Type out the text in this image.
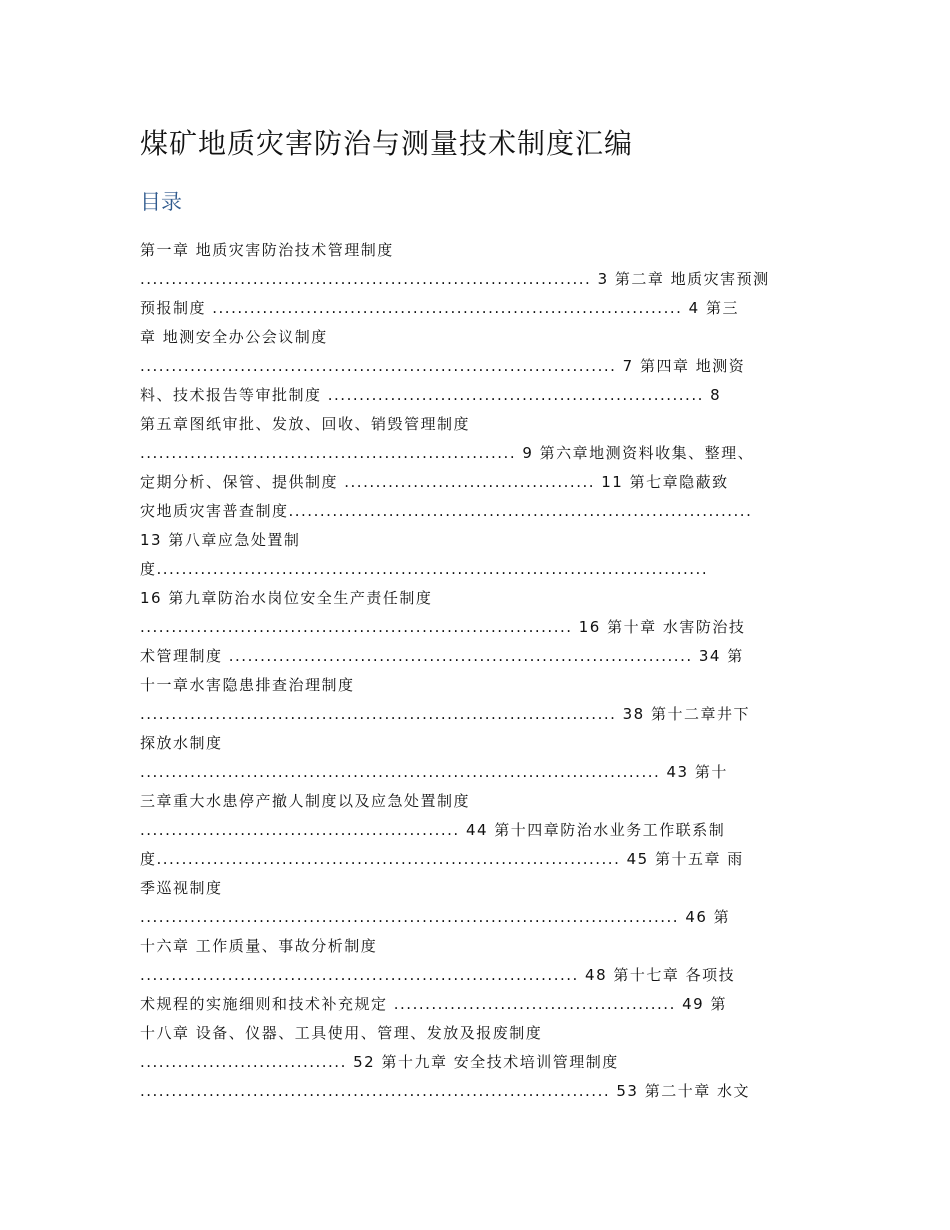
煤矿地质灾害防治与测量技术制度汇编
目录
第一章 地质灾害防治技术管理制度
........................................................................ 3 第二章 地质灾害预测
预报制度 ........................................................................... 4 第三
章 地测安全办公会议制度
............................................................................ 7 第四章 地测资
料、技术报告等审批制度 ............................................................ 8
第五章图纸审批、发放、回收、销毁管理制度
............................................................ 9 第六章地测资料收集、整理、
定期分析、保管、提供制度 ........................................ 11 第七章隐蔽致
灾地质灾害普查制度..........................................................................
13 第八章应急处置制
度........................................................................................
16 第九章防治水岗位安全生产责任制度
..................................................................... 16 第十章 水害防治技
术管理制度 .......................................................................... 34 第
十一章水害隐患排查治理制度
............................................................................ 38 第十二章井下
探放水制度
................................................................................... 43 第十
三章重大水患停产撤人制度以及应急处置制度
................................................... 44 第十四章防治水业务工作联系制
度.......................................................................... 45 第十五章 雨
季巡视制度
...................................................................................... 46 第
十六章 工作质量、事故分析制度
...................................................................... 48 第十七章 各项技
术规程的实施细则和技术补充规定 ............................................. 49 第
十八章 设备、仪器、工具使用、管理、发放及报废制度
................................. 52 第十九章 安全技术培训管理制度
........................................................................... 53 第二十章 水文
